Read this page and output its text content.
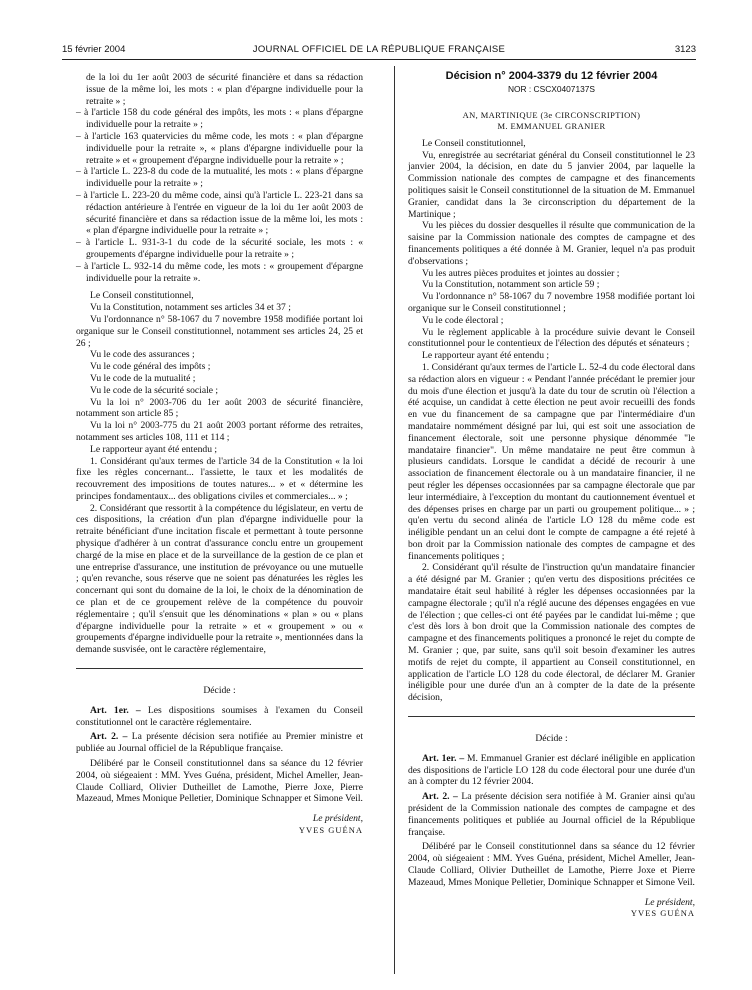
15 février 2004	JOURNAL OFFICIEL DE LA RÉPUBLIQUE FRANÇAISE	3123

de la loi du 1er août 2003 de sécurité financière et dans sa rédaction issue de la même loi, les mots : « plan d'épargne individuelle pour la retraite » ;

– à l'article 158 du code général des impôts, les mots : « plans d'épargne individuelle pour la retraite » ;

– à l'article 163 quatervicies du même code, les mots : « plan d'épargne individuelle pour la retraite », « plans d'épargne individuelle pour la retraite » et « groupement d'épargne individuelle pour la retraite » ;

– à l'article L. 223-8 du code de la mutualité, les mots : « plans d'épargne individuelle pour la retraite » ;

– à l'article L. 223-20 du même code, ainsi qu'à l'article L. 223-21 dans sa rédaction antérieure à l'entrée en vigueur de la loi du 1er août 2003 de sécurité financière et dans sa rédaction issue de la même loi, les mots : « plan d'épargne individuelle pour la retraite » ;

– à l'article L. 931-3-1 du code de la sécurité sociale, les mots : « groupements d'épargne individuelle pour la retraite » ;

– à l'article L. 932-14 du même code, les mots : « groupement d'épargne individuelle pour la retraite ».

Le Conseil constitutionnel,

Vu la Constitution, notamment ses articles 34 et 37 ;

Vu l'ordonnance n° 58-1067 du 7 novembre 1958 modifiée portant loi organique sur le Conseil constitutionnel, notamment ses articles 24, 25 et 26 ;

Vu le code des assurances ;

Vu le code général des impôts ;

Vu le code de la mutualité ;

Vu le code de la sécurité sociale ;

Vu la loi n° 2003-706 du 1er août 2003 de sécurité financière, notamment son article 85 ;

Vu la loi n° 2003-775 du 21 août 2003 portant réforme des retraites, notamment ses articles 108, 111 et 114 ;

Le rapporteur ayant été entendu ;

1. Considérant qu'aux termes de l'article 34 de la Constitution « la loi fixe les règles concernant... l'assiette, le taux et les modalités de recouvrement des impositions de toutes natures... » et « détermine les principes fondamentaux... des obligations civiles et commerciales... » ;

2. Considérant que ressortit à la compétence du législateur, en vertu de ces dispositions, la création d'un plan d'épargne individuelle pour la retraite bénéficiant d'une incitation fiscale et permettant à toute personne physique d'adhérer à un contrat d'assurance conclu entre un groupement chargé de la mise en place et de la surveillance de la gestion de ce plan et une entreprise d'assurance, une institution de prévoyance ou une mutuelle ; qu'en revanche, sous réserve que ne soient pas dénaturées les règles les concernant qui sont du domaine de la loi, le choix de la dénomination de ce plan et de ce groupement relève de la compétence du pouvoir réglementaire ; qu'il s'ensuit que les dénominations « plan » ou « plans d'épargne individuelle pour la retraite » et « groupement » ou « groupements d'épargne individuelle pour la retraite », mentionnées dans la demande susvisée, ont le caractère réglementaire,

Décide :

Art. 1er. – Les dispositions soumises à l'examen du Conseil constitutionnel ont le caractère réglementaire.

Art. 2. – La présente décision sera notifiée au Premier ministre et publiée au Journal officiel de la République française.

Délibéré par le Conseil constitutionnel dans sa séance du 12 février 2004, où siégeaient : MM. Yves Guéna, président, Michel Ameller, Jean-Claude Colliard, Olivier Dutheillet de Lamothe, Pierre Joxe, Pierre Mazeaud, Mmes Monique Pelletier, Dominique Schnapper et Simone Veil.

Le président,

YVES GUÉNA

Décision n° 2004-3379 du 12 février 2004

NOR : CSCX0407137S

AN, MARTINIQUE (3e CIRCONSCRIPTION)

M. EMMANUEL GRANIER

Le Conseil constitutionnel,

Vu, enregistrée au secrétariat général du Conseil constitutionnel le 23 janvier 2004, la décision, en date du 5 janvier 2004, par laquelle la Commission nationale des comptes de campagne et des financements politiques saisit le Conseil constitutionnel de la situation de M. Emmanuel Granier, candidat dans la 3e circonscription du département de la Martinique ;

Vu les pièces du dossier desquelles il résulte que communication de la saisine par la Commission nationale des comptes de campagne et des financements politiques a été donnée à M. Granier, lequel n'a pas produit d'observations ;

Vu les autres pièces produites et jointes au dossier ;

Vu la Constitution, notamment son article 59 ;

Vu l'ordonnance n° 58-1067 du 7 novembre 1958 modifiée portant loi organique sur le Conseil constitutionnel ;

Vu le code électoral ;

Vu le règlement applicable à la procédure suivie devant le Conseil constitutionnel pour le contentieux de l'élection des députés et sénateurs ;

Le rapporteur ayant été entendu ;

1. Considérant qu'aux termes de l'article L. 52-4 du code électoral dans sa rédaction alors en vigueur : « Pendant l'année précédant le premier jour du mois d'une élection et jusqu'à la date du tour de scrutin où l'élection a été acquise, un candidat à cette élection ne peut avoir recueilli des fonds en vue du financement de sa campagne que par l'intermédiaire d'un mandataire nommément désigné par lui, qui est soit une association de financement électorale, soit une personne physique dénommée "le mandataire financier". Un même mandataire ne peut être commun à plusieurs candidats. Lorsque le candidat a décidé de recourir à une association de financement électorale ou à un mandataire financier, il ne peut régler les dépenses occasionnées par sa campagne électorale que par leur intermédiaire, à l'exception du montant du cautionnement éventuel et des dépenses prises en charge par un parti ou groupement politique... » ; qu'en vertu du second alinéa de l'article LO 128 du même code est inéligible pendant un an celui dont le compte de campagne a été rejeté à bon droit par la Commission nationale des comptes de campagne et des financements politiques ;

2. Considérant qu'il résulte de l'instruction qu'un mandataire financier a été désigné par M. Granier ; qu'en vertu des dispositions précitées ce mandataire était seul habilité à régler les dépenses occasionnées par la campagne électorale ; qu'il n'a réglé aucune des dépenses engagées en vue de l'élection ; que celles-ci ont été payées par le candidat lui-même ; que c'est dès lors à bon droit que la Commission nationale des comptes de campagne et des financements politiques a prononcé le rejet du compte de M. Granier ; que, par suite, sans qu'il soit besoin d'examiner les autres motifs de rejet du compte, il appartient au Conseil constitutionnel, en application de l'article LO 128 du code électoral, de déclarer M. Granier inéligible pour une durée d'un an à compter de la date de la présente décision,

Décide :

Art. 1er. – M. Emmanuel Granier est déclaré inéligible en application des dispositions de l'article LO 128 du code électoral pour une durée d'un an à compter du 12 février 2004.

Art. 2. – La présente décision sera notifiée à M. Granier ainsi qu'au président de la Commission nationale des comptes de campagne et des financements politiques et publiée au Journal officiel de la République française.

Délibéré par le Conseil constitutionnel dans sa séance du 12 février 2004, où siégeaient : MM. Yves Guéna, président, Michel Ameller, Jean-Claude Colliard, Olivier Dutheillet de Lamothe, Pierre Joxe et Pierre Mazeaud, Mmes Monique Pelletier, Dominique Schnapper et Simone Veil.

Le président,

YVES GUÉNA
